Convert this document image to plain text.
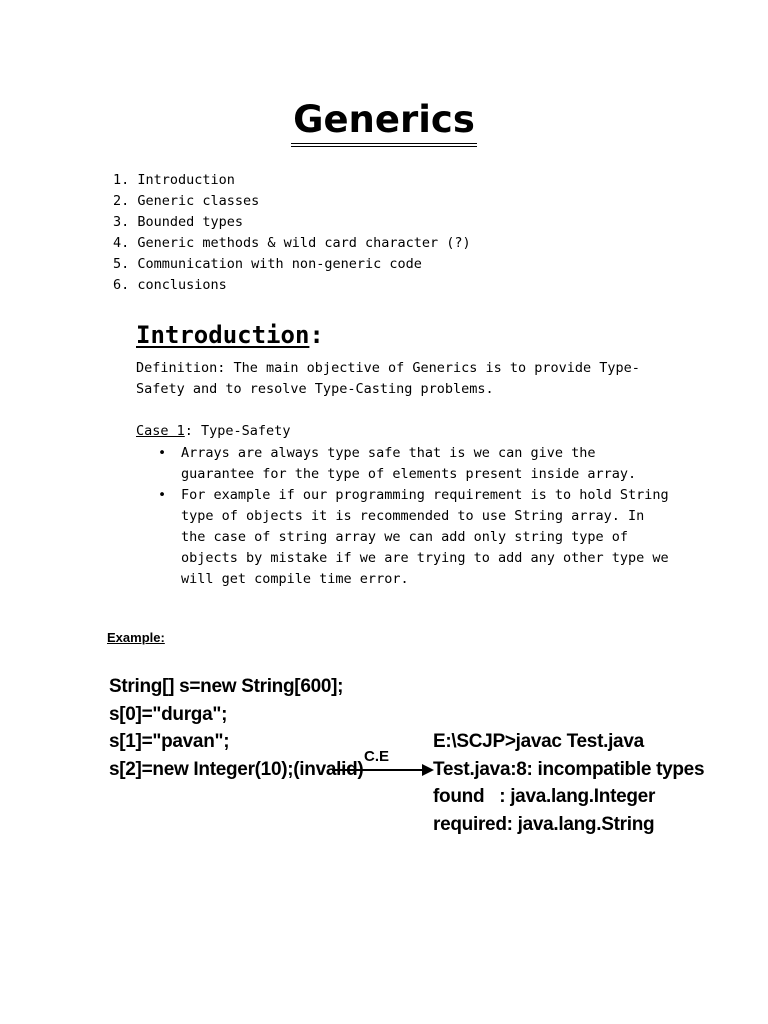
Generics
1. Introduction
2. Generic classes
3. Bounded types
4. Generic methods & wild card character (?)
5. Communication with non-generic code
6. conclusions
Introduction:
Definition: The main objective of Generics is to provide Type-
Safety and to resolve Type-Casting problems.
Case 1: Type-Safety
• Arrays are always type safe that is we can give the
guarantee for the type of elements present inside array.
• For example if our programming requirement is to hold String
type of objects it is recommended to use String array. In
the case of string array we can add only string type of
objects by mistake if we are trying to add any other type we
will get compile time error.
Example:
String[] s=new String[600];
s[0]="durga";
s[1]="pavan";
s[2]=new Integer(10);(invalid)
C.E
E:\SCJP>javac Test.java
Test.java:8: incompatible types
found   : java.lang.Integer
required: java.lang.String
